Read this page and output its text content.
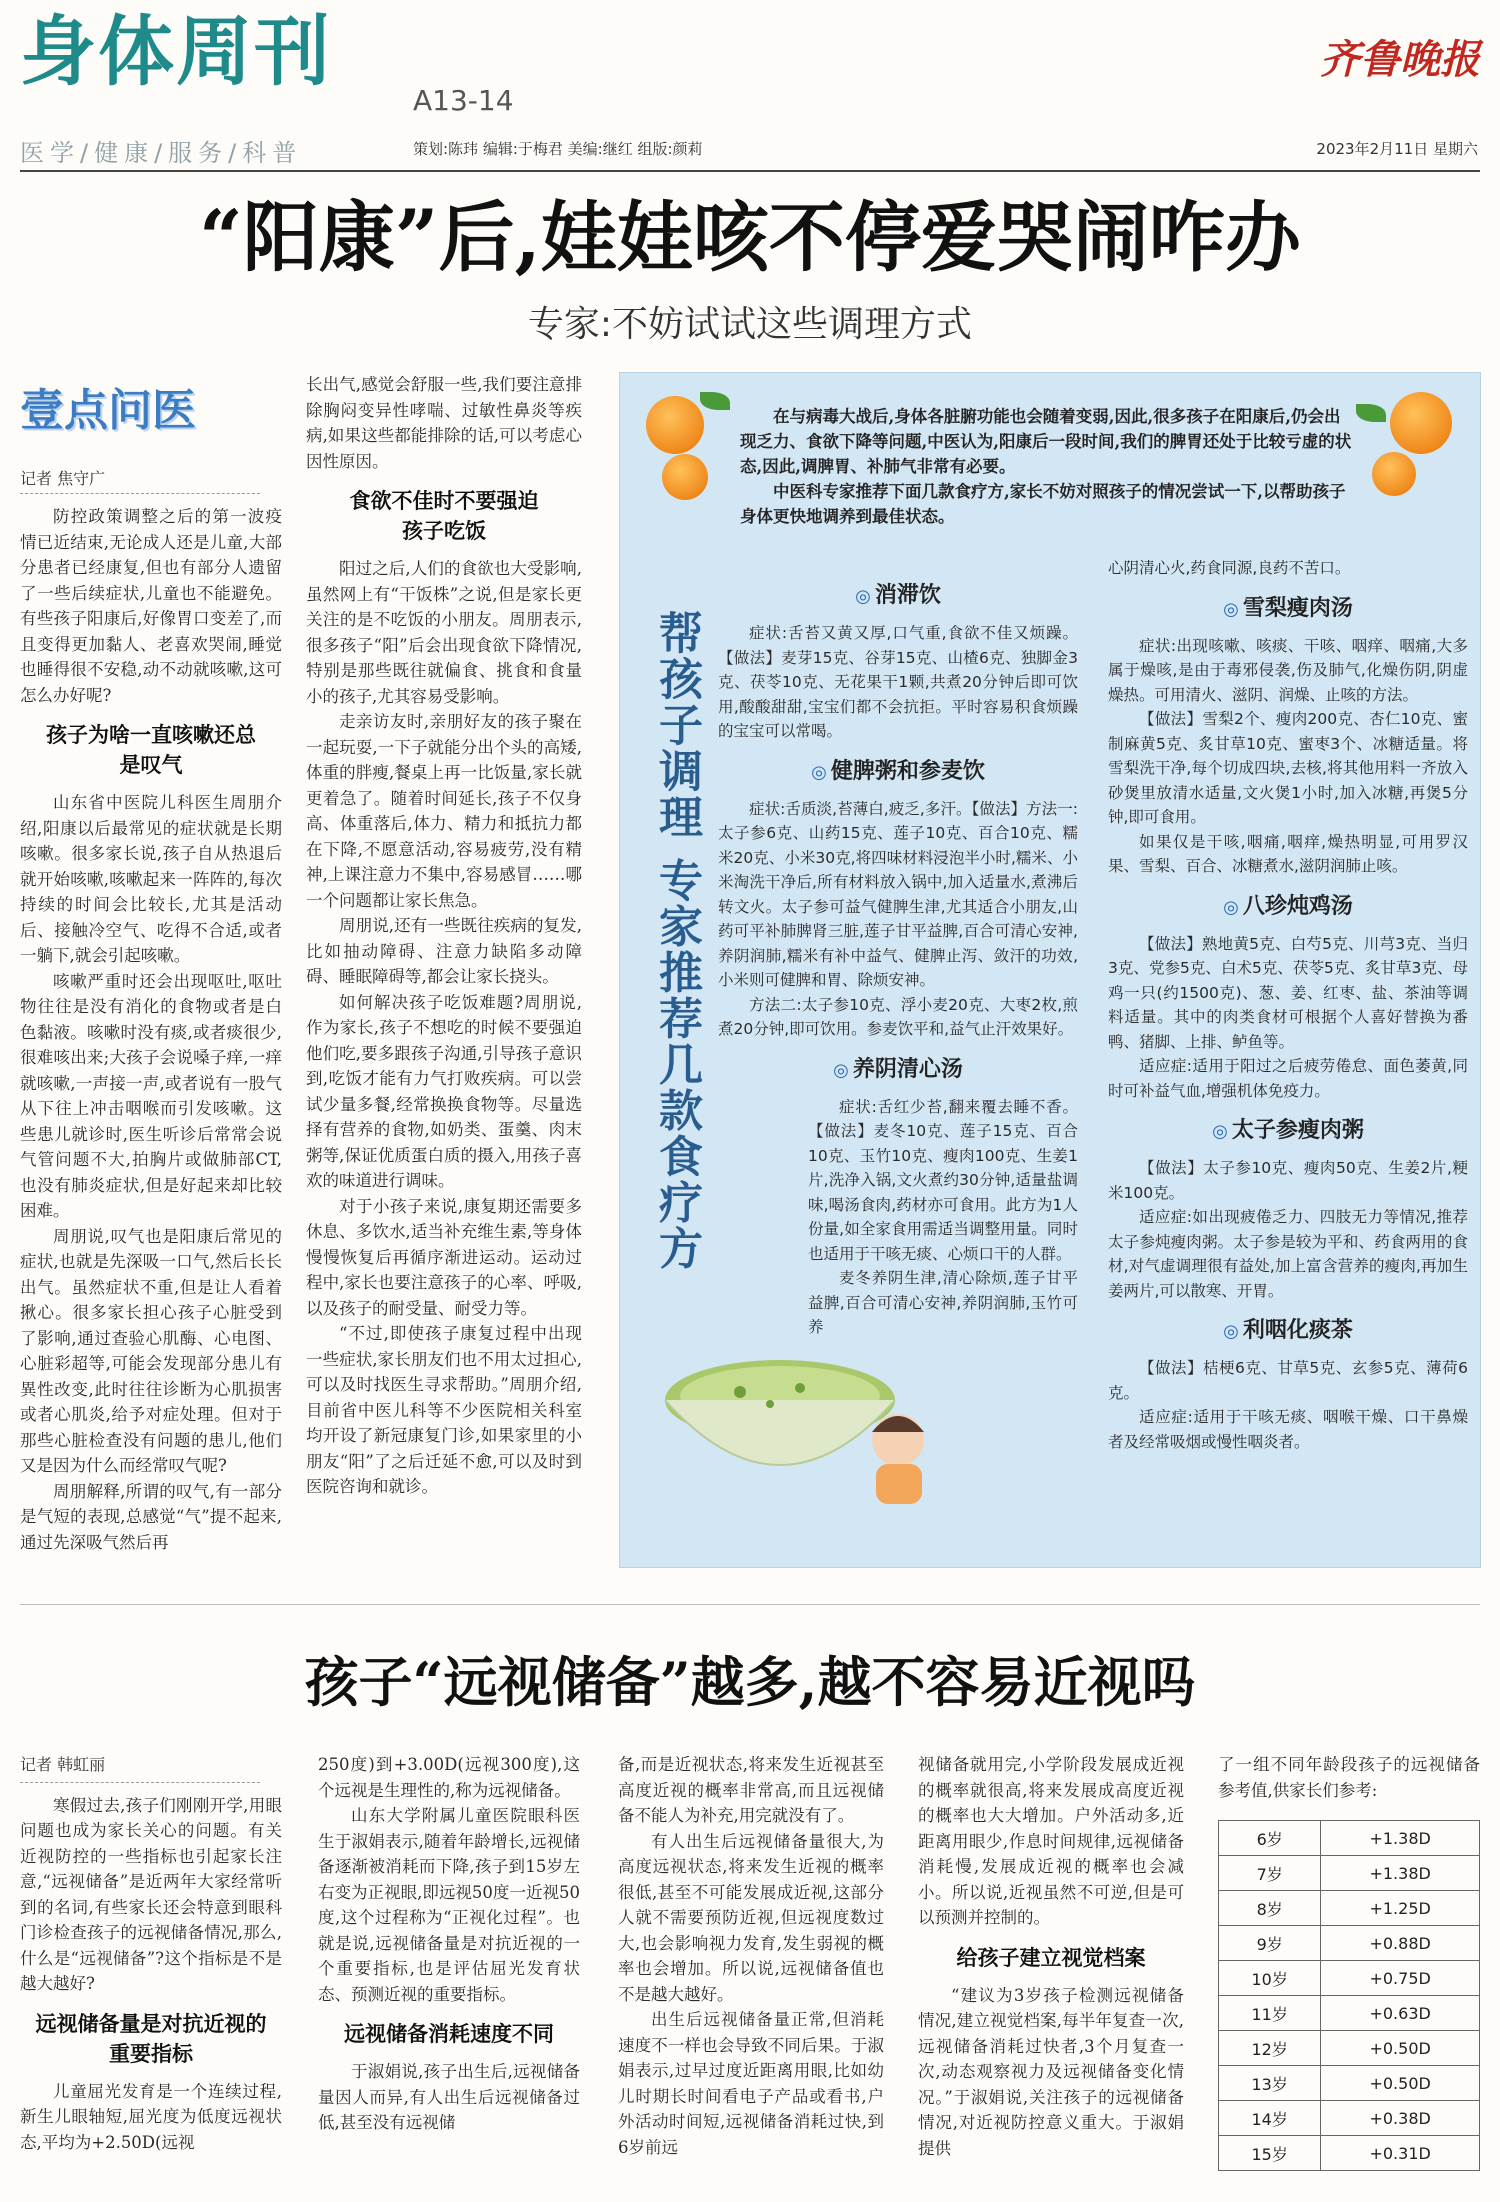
身体周刊
A13-14
医学/健康/服务/科普	策划:陈玮 编辑:于梅君 美编:继红 组版:颜莉
齐鲁晚报
2023年2月11日 星期六
“阳康”后,娃娃咳不停爱哭闹咋办
专家:不妨试试这些调理方式
壹点问医
记者 焦守广

防控政策调整之后的第一波疫情已近结束,无论成人还是儿童,大部分患者已经康复,但也有部分人遗留了一些后续症状,儿童也不能避免。有些孩子阳康后,好像胃口变差了,而且变得更加黏人、老喜欢哭闹,睡觉也睡得很不安稳,动不动就咳嗽,这可怎么办好呢?

孩子为啥一直咳嗽还总是叹气

山东省中医院儿科医生周朋介绍,阳康以后最常见的症状就是长期咳嗽。很多家长说,孩子自从热退后就开始咳嗽,咳嗽起来一阵阵的,每次持续的时间会比较长,尤其是活动后、接触冷空气、吃得不合适,或者一躺下,就会引起咳嗽。

咳嗽严重时还会出现呕吐,呕吐物往往是没有消化的食物或者是白色黏液。咳嗽时没有痰,或者痰很少,很难咳出来;大孩子会说嗓子痒,一痒就咳嗽,一声接一声,或者说有一股气从下往上冲击咽喉而引发咳嗽。这些患儿就诊时,医生听诊后常常会说气管问题不大,拍胸片或做肺部CT,也没有肺炎症状,但是好起来却比较困难。

周朋说,叹气也是阳康后常见的症状,也就是先深吸一口气,然后长长出气。虽然症状不重,但是让人看着揪心。很多家长担心孩子心脏受到了影响,通过查验心肌酶、心电图、心脏彩超等,可能会发现部分患儿有異性改变,此时往往诊断为心肌损害或者心肌炎,给予对症处理。但对于那些心脏检查没有问题的患儿,他们又是因为什么而经常叹气呢?

周朋解释,所谓的叹气,有一部分是气短的表现,总感觉“气”提不起来,通过先深吸气然后再

长出气,感觉会舒服一些,我们要注意排除胸闷变异性哮喘、过敏性鼻炎等疾病,如果这些都能排除的话,可以考虑心因性原因。

食欲不佳时不要强迫孩子吃饭

阳过之后,人们的食欲也大受影响,虽然网上有“干饭株”之说,但是家长更关注的是不吃饭的小朋友。周朋表示,很多孩子“阳”后会出现食欲下降情况,特别是那些既往就偏食、挑食和食量小的孩子,尤其容易受影响。

走亲访友时,亲朋好友的孩子聚在一起玩耍,一下子就能分出个头的高矮,体重的胖瘦,餐桌上再一比饭量,家长就更着急了。随着时间延长,孩子不仅身高、体重落后,体力、精力和抵抗力都在下降,不愿意活动,容易疲劳,没有精神,上课注意力不集中,容易感冒……哪一个问题都让家长焦急。

周朋说,还有一些既往疾病的复发,比如抽动障碍、注意力缺陷多动障碍、睡眠障碍等,都会让家长挠头。

如何解决孩子吃饭难题?周朋说,作为家长,孩子不想吃的时候不要强迫他们吃,要多跟孩子沟通,引导孩子意识到,吃饭才能有力气打败疾病。可以尝试少量多餐,经常换换食物等。尽量选择有营养的食物,如奶类、蛋羹、肉末粥等,保证优质蛋白质的摄入,用孩子喜欢的味道进行调味。

对于小孩子来说,康复期还需要多休息、多饮水,适当补充维生素,等身体慢慢恢复后再循序渐进运动。运动过程中,家长也要注意孩子的心率、呼吸,以及孩子的耐受量、耐受力等。

“不过,即使孩子康复过程中出现一些症状,家长朋友们也不用太过担心,可以及时找医生寻求帮助。”周朋介绍,目前省中医儿科等不少医院相关科室均开设了新冠康复门诊,如果家里的小朋友“阳”了之后迁延不愈,可以及时到医院咨询和就诊。

在与病毒大战后,身体各脏腑功能也会随着变弱,因此,很多孩子在阳康后,仍会出现乏力、食欲下降等问题,中医认为,阳康后一段时间,我们的脾胃还处于比较亏虚的状态,因此,调脾胃、补肺气非常有必要。

中医科专家推荐下面几款食疗方,家长不妨对照孩子的情况尝试一下,以帮助孩子身体更快地调养到最佳状态。

帮孩子调理 专家推荐几款食疗方
◎ 消滞饮

症状:舌苔又黄又厚,口气重,食欲不佳又烦躁。【做法】麦芽15克、谷芽15克、山楂6克、独脚金3克、茯苓10克、无花果干1颗,共煮20分钟后即可饮用,酸酸甜甜,宝宝们都不会抗拒。平时容易积食烦躁的宝宝可以常喝。

◎ 健脾粥和参麦饮

症状:舌质淡,苔薄白,疲乏,多汗。【做法】方法一:太子参6克、山药15克、莲子10克、百合10克、糯米20克、小米30克,将四味材料浸泡半小时,糯米、小米淘洗干净后,所有材料放入锅中,加入适量水,煮沸后转文火。太子参可益气健脾生津,尤其适合小朋友,山药可平补肺脾肾三脏,莲子甘平益脾,百合可清心安神,养阴润肺,糯米有补中益气、健脾止泻、敛汗的功效,小米则可健脾和胃、除烦安神。

方法二:太子参10克、浮小麦20克、大枣2枚,煎煮20分钟,即可饮用。参麦饮平和,益气止汗效果好。

◎ 养阴清心汤

症状:舌红少苔,翻来覆去睡不香。【做法】麦冬10克、莲子15克、百合10克、玉竹10克、瘦肉100克、生姜1片,洗净入锅,文火煮约30分钟,适量盐调味,喝汤食肉,药材亦可食用。此方为1人份量,如全家食用需适当调整用量。同时也适用于干咳无痰、心烦口干的人群。

麦冬养阴生津,清心除烦,莲子甘平益脾,百合可清心安神,养阴润肺,玉竹可养

心阴清心火,药食同源,良药不苦口。

◎ 雪梨瘦肉汤

症状:出现咳嗽、咳痰、干咳、咽痒、咽痛,大多属于燥咳,是由于毒邪侵袭,伤及肺气,化燥伤阴,阴虚燥热。可用清火、滋阴、润燥、止咳的方法。

【做法】雪梨2个、瘦肉200克、杏仁10克、蜜制麻黄5克、炙甘草10克、蜜枣3个、冰糖适量。将雪梨洗干净,每个切成四块,去核,将其他用料一齐放入砂煲里放清水适量,文火煲1小时,加入冰糖,再煲5分钟,即可食用。

如果仅是干咳,咽痛,咽痒,燥热明显,可用罗汉果、雪梨、百合、冰糖煮水,滋阴润肺止咳。

◎ 八珍炖鸡汤

【做法】熟地黄5克、白芍5克、川芎3克、当归3克、党参5克、白术5克、茯苓5克、炙甘草3克、母鸡一只(约1500克)、葱、姜、红枣、盐、茶油等调料适量。其中的肉类食材可根据个人喜好替换为番鸭、猪脚、上排、鲈鱼等。

适应症:适用于阳过之后疲劳倦怠、面色萎黄,同时可补益气血,增强机体免疫力。

◎ 太子参瘦肉粥

【做法】太子参10克、瘦肉50克、生姜2片,粳米100克。

适应症:如出现疲倦乏力、四肢无力等情况,推荐太子参炖瘦肉粥。太子参是较为平和、药食两用的食材,对气虚调理很有益处,加上富含营养的瘦肉,再加生姜两片,可以散寒、开胃。

◎ 利咽化痰茶

【做法】桔梗6克、甘草5克、玄参5克、薄荷6克。

适应症:适用于干咳无痰、咽喉干燥、口干鼻燥者及经常吸烟或慢性咽炎者。

孩子“远视储备”越多,越不容易近视吗
记者 韩虹丽

寒假过去,孩子们刚刚开学,用眼问题也成为家长关心的问题。有关近视防控的一些指标也引起家长注意,“远视储备”是近两年大家经常听到的名词,有些家长还会特意到眼科门诊检查孩子的远视储备情况,那么,什么是“远视储备”?这个指标是不是越大越好?

远视储备量是对抗近视的重要指标

儿童屈光发育是一个连续过程,新生儿眼轴短,屈光度为低度远视状态,平均为+2.50D(远视

250度)到+3.00D(远视300度),这个远视是生理性的,称为远视储备。

山东大学附属儿童医院眼科医生于淑娟表示,随着年龄增长,远视储备逐渐被消耗而下降,孩子到15岁左右变为正视眼,即远视50度一近视50度,这个过程称为“正视化过程”。也就是说,远视储备量是对抗近视的一个重要指标,也是评估屈光发育状态、预测近视的重要指标。

远视储备消耗速度不同

于淑娟说,孩子出生后,远视储备量因人而异,有人出生后远视储备过低,甚至没有远视储

备,而是近视状态,将来发生近视甚至高度近视的概率非常高,而且远视储备不能人为补充,用完就没有了。

有人出生后远视储备量很大,为高度远视状态,将来发生近视的概率很低,甚至不可能发展成近视,这部分人就不需要预防近视,但远视度数过大,也会影响视力发育,发生弱视的概率也会增加。所以说,远视储备值也不是越大越好。

出生后远视储备量正常,但消耗速度不一样也会导致不同后果。于淑娟表示,过早过度近距离用眼,比如幼儿时期长时间看电子产品或看书,户外活动时间短,远视储备消耗过快,到6岁前远

视储备就用完,小学阶段发展成近视的概率就很高,将来发展成高度近视的概率也大大增加。户外活动多,近距离用眼少,作息时间规律,远视储备消耗慢,发展成近视的概率也会减小。所以说,近视虽然不可逆,但是可以预测并控制的。

给孩子建立视觉档案

“建议为3岁孩子检测远视储备情况,建立视觉档案,每半年复查一次,远视储备消耗过快者,3个月复查一次,动态观察视力及远视储备变化情况。”于淑娟说,关注孩子的远视储备情况,对近视防控意义重大。于淑娟提供

了一组不同年龄段孩子的远视储备参考值,供家长们参考:

6岁	+1.38D
7岁	+1.38D
8岁	+1.25D
9岁	+0.88D
10岁	+0.75D
11岁	+0.63D
12岁	+0.50D
13岁	+0.50D
14岁	+0.38D
15岁	+0.31D
